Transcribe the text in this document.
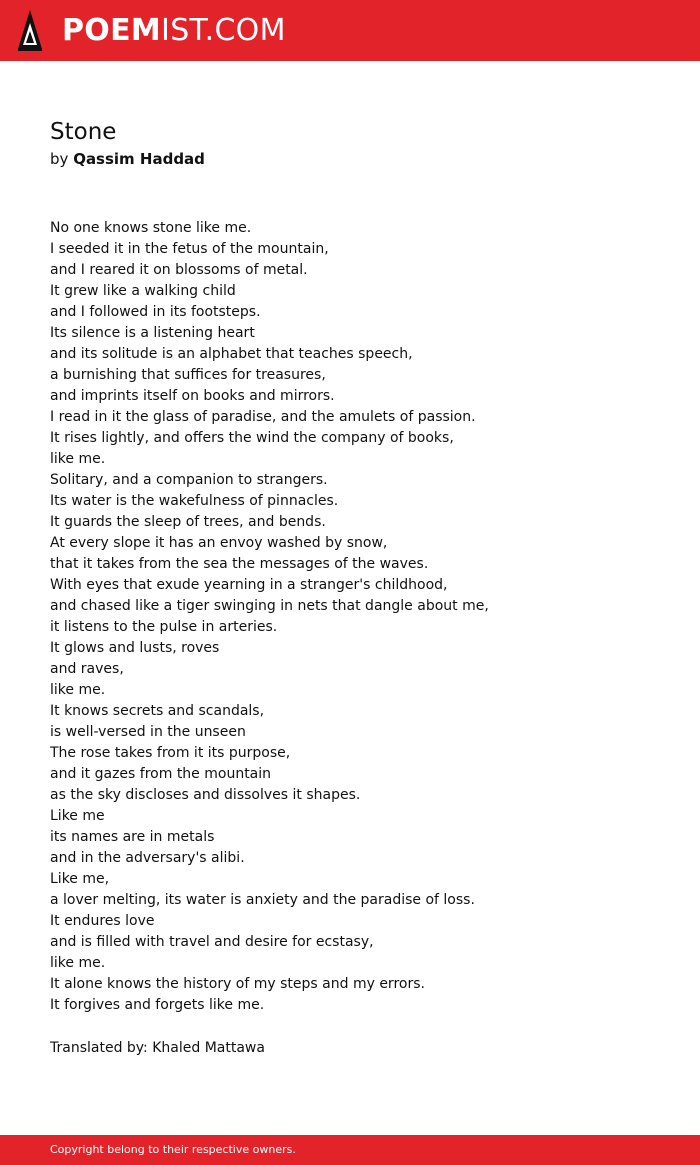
POEMIST.COM
Stone
by Qassim Haddad
No one knows stone like me.
I seeded it in the fetus of the mountain,
and I reared it on blossoms of metal.
It grew like a walking child
and I followed in its footsteps.
Its silence is a listening heart
and its solitude is an alphabet that teaches speech,
a burnishing that suffices for treasures,
and imprints itself on books and mirrors.
I read in it the glass of paradise, and the amulets of passion.
It rises lightly, and offers the wind the company of books,
like me.
Solitary, and a companion to strangers.
Its water is the wakefulness of pinnacles.
It guards the sleep of trees, and bends.
At every slope it has an envoy washed by snow,
that it takes from the sea the messages of the waves.
With eyes that exude yearning in a stranger's childhood,
and chased like a tiger swinging in nets that dangle about me,
it listens to the pulse in arteries.
It glows and lusts, roves
and raves,
like me.
It knows secrets and scandals,
is well-versed in the unseen
The rose takes from it its purpose,
and it gazes from the mountain
as the sky discloses and dissolves it shapes.
Like me
its names are in metals
and in the adversary's alibi.
Like me,
a lover melting, its water is anxiety and the paradise of loss.
It endures love
and is filled with travel and desire for ecstasy,
like me.
It alone knows the history of my steps and my errors.
It forgives and forgets like me.
Translated by: Khaled Mattawa
Copyright belong to their respective owners.
